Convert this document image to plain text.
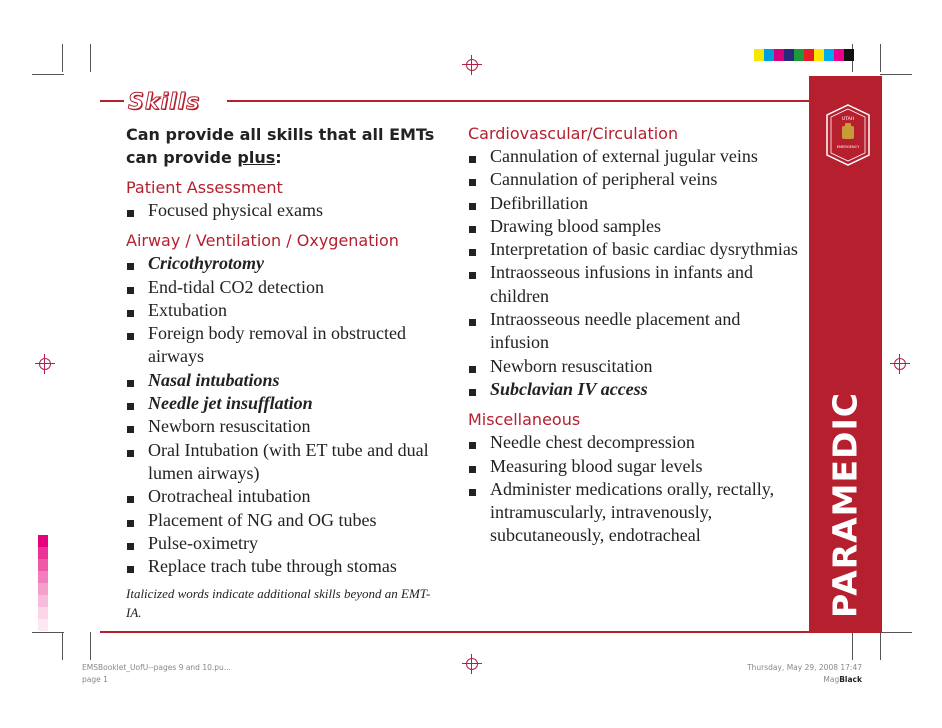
Skills
Can provide all skills that all EMTs
can provide plus:
Patient Assessment
Focused physical exams
Airway / Ventilation / Oxygenation
Cricothyrotomy
End-tidal CO2 detection
Extubation
Foreign body removal in obstructed airways
Nasal intubations
Needle jet insufflation
Newborn resuscitation
Oral Intubation (with ET tube and dual lumen airways)
Orotracheal intubation
Placement of NG and OG tubes
Pulse-oximetry
Replace trach tube through stomas
Italicized words indicate additional skills beyond an EMT-IA.
Cardiovascular/Circulation
Cannulation of external jugular veins
Cannulation of peripheral veins
Defibrillation
Drawing blood samples
Interpretation of basic cardiac dysrythmias
Intraosseous infusions in infants and children
Intraosseous needle placement and infusion
Newborn resuscitation
Subclavian IV access
Miscellaneous
Needle chest decompression
Measuring blood sugar levels
Administer medications orally, rectally, intramuscularly, intravenously, subcutaneously, endotracheal
UTAH
EMERGENCY
PARAMEDIC
EMSBooklet_UofU--pages 9 and 10.pu...
page 1
Thursday, May 29, 2008 17:47
MagBlack
